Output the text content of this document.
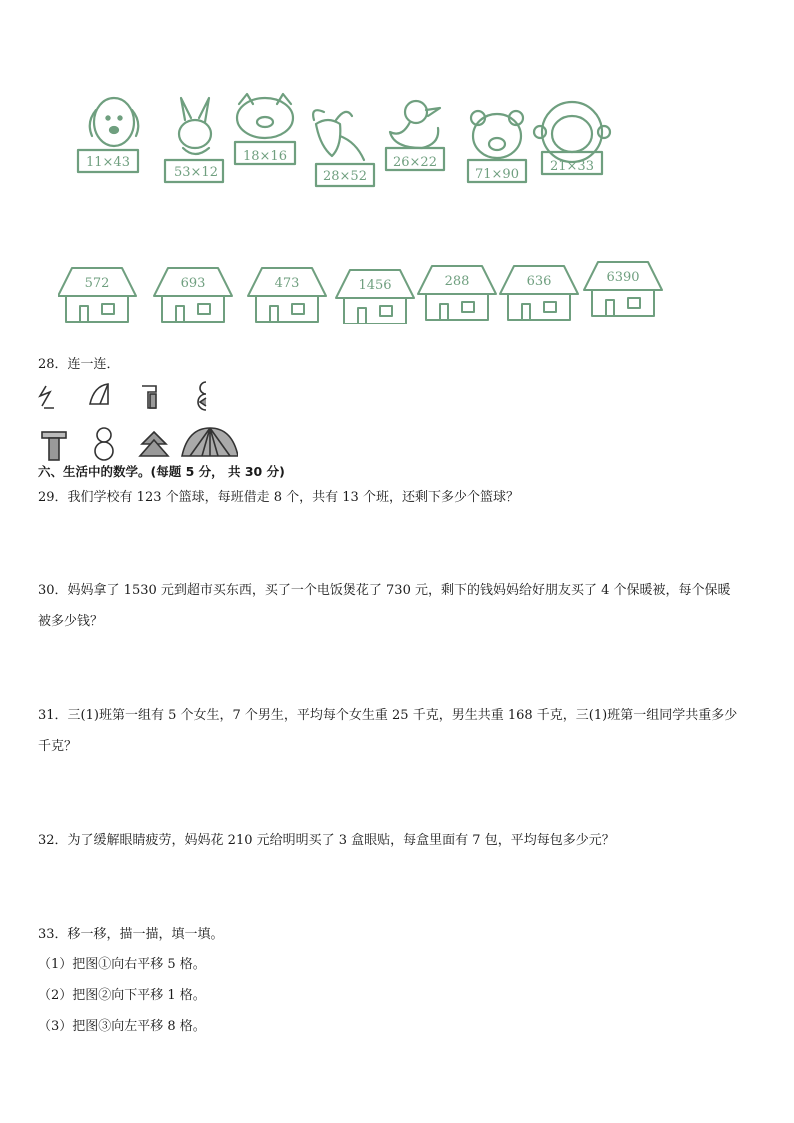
11×43
53×12
18×16
28×52
26×22
71×90
21×33
572	693	473	1456	288	636	6390
28．连一连．
六、生活中的数学。(每题 5 分， 共 30 分)
29．我们学校有 123 个篮球，每班借走 8 个，共有 13 个班，还剩下多少个篮球？
30．妈妈拿了 1530 元到超市买东西，买了一个电饭煲花了 730 元，剩下的钱妈妈给好朋友买了 4 个保暖被，每个保暖
被多少钱？
31．三(1)班第一组有 5 个女生，7 个男生，平均每个女生重 25 千克，男生共重 168 千克，三(1)班第一组同学共重多少
千克？
32．为了缓解眼睛疲劳，妈妈花 210 元给明明买了 3 盒眼贴，每盒里面有 7 包，平均每包多少元？
33．移一移，描一描，填一填。
（1）把图①向右平移 5 格。
（2）把图②向下平移 1 格。
（3）把图③向左平移 8 格。
